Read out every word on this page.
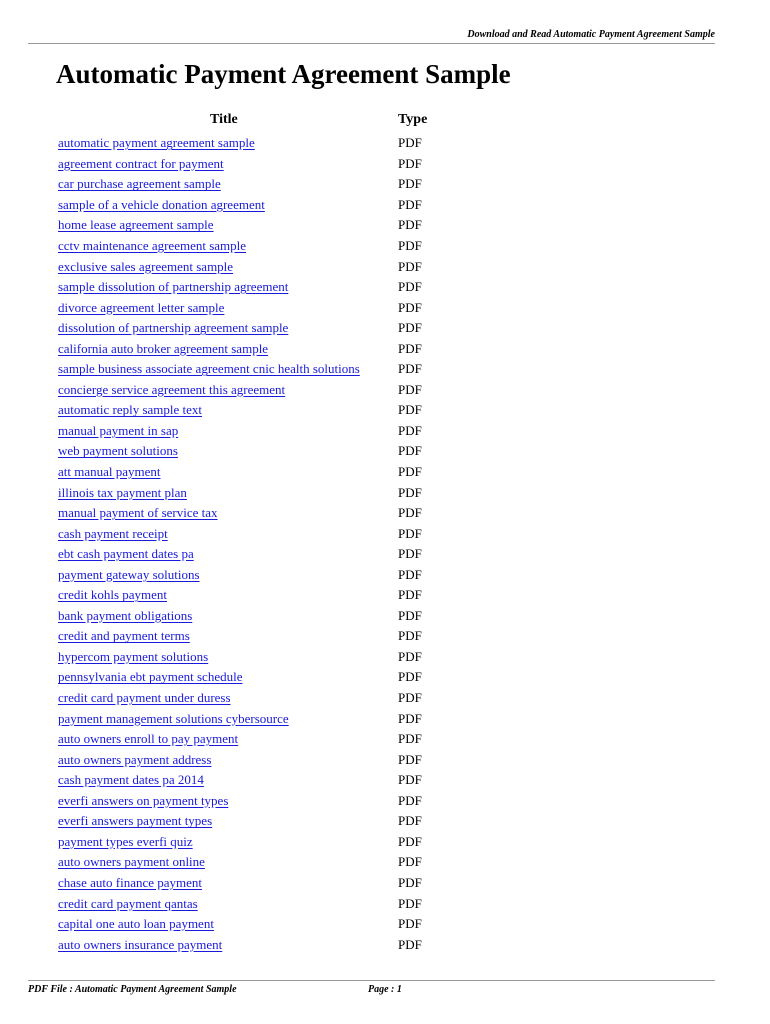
Download and Read Automatic Payment Agreement Sample
Automatic Payment Agreement Sample
Title	Type
automatic payment agreement sample	PDF
agreement contract for payment	PDF
car purchase agreement sample	PDF
sample of a vehicle donation agreement	PDF
home lease agreement sample	PDF
cctv maintenance agreement sample	PDF
exclusive sales agreement sample	PDF
sample dissolution of partnership agreement	PDF
divorce agreement letter sample	PDF
dissolution of partnership agreement sample	PDF
california auto broker agreement sample	PDF
sample business associate agreement cnic health solutions	PDF
concierge service agreement this agreement	PDF
automatic reply sample text	PDF
manual payment in sap	PDF
web payment solutions	PDF
att manual payment	PDF
illinois tax payment plan	PDF
manual payment of service tax	PDF
cash payment receipt	PDF
ebt cash payment dates pa	PDF
payment gateway solutions	PDF
credit kohls payment	PDF
bank payment obligations	PDF
credit and payment terms	PDF
hypercom payment solutions	PDF
pennsylvania ebt payment schedule	PDF
credit card payment under duress	PDF
payment management solutions cybersource	PDF
auto owners enroll to pay payment	PDF
auto owners payment address	PDF
cash payment dates pa 2014	PDF
everfi answers on payment types	PDF
everfi answers payment types	PDF
payment types everfi quiz	PDF
auto owners payment online	PDF
chase auto finance payment	PDF
credit card payment qantas	PDF
capital one auto loan payment	PDF
auto owners insurance payment	PDF
PDF File : Automatic Payment Agreement Sample	Page : 1
